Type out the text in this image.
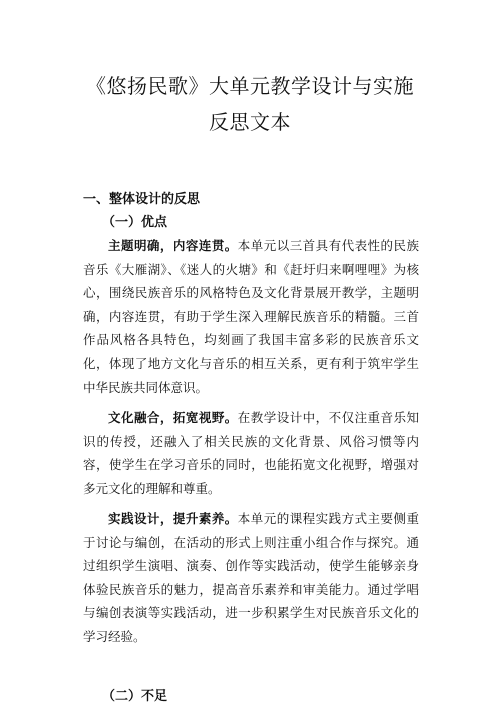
《悠扬民歌》大单元教学设计与实施
反思文本
一、整体设计的反思
（一）优点

主题明确，内容连贯。本单元以三首具有代表性的民族音乐《大雁湖》、《迷人的火塘》和《赶圩归来啊哩哩》为核心，围绕民族音乐的风格特色及文化背景展开教学，主题明确，内容连贯，有助于学生深入理解民族音乐的精髓。三首作品风格各具特色，均刻画了我国丰富多彩的民族音乐文化，体现了地方文化与音乐的相互关系，更有利于筑牢学生中华民族共同体意识。

文化融合，拓宽视野。在教学设计中，不仅注重音乐知识的传授，还融入了相关民族的文化背景、风俗习惯等内容，使学生在学习音乐的同时，也能拓宽文化视野，增强对多元文化的理解和尊重。

实践设计，提升素养。本单元的课程实践方式主要侧重于讨论与编创，在活动的形式上则注重小组合作与探究。通过组织学生演唱、演奏、创作等实践活动，使学生能够亲身体验民族音乐的魅力，提高音乐素养和审美能力。通过学唱与编创表演等实践活动，进一步积累学生对民族音乐文化的学习经验。

（二）不足
